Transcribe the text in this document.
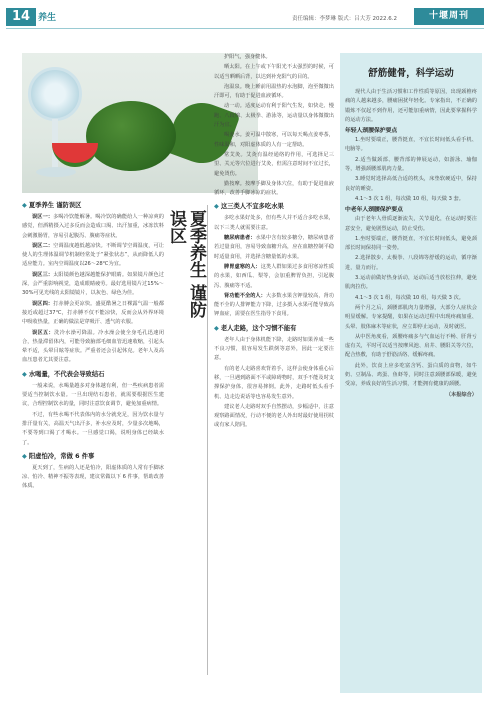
14 养生	责任编辑：李梦琳 版式：吕大芳 2022.6.2	十堰周刊
夏季养生 谨防误区
◆ 夏季养生 谨防误区

误区一：多喝冷饮能解暑。喝冷饮的确能给人一种凉爽的感觉，但酒精摄入过多反而会造成口渴、出汗加重，冰冻饮料会刺激肠胃，容易引起腹泻、腹痛等症状。

误区二：空调温度越低越凉快。不断调节空调温度，可让使人的生理体温调节机制经常处于“紧张状态”，从而降低人的适应能力。室内空调温度以26～28℃为宜。

误区三：太阳镜颜色越深越能保护眼睛。如果镜片颜色过深，会严重影响视觉，造成眼睛疲劳。最好选用镜片过15%～30%可见光线的太阳镜镜片，以灰色、绿色为佳。

误区四：打赤膊会更凉快。盛夏酷暑之日裸露气温一般都接近或超过37℃，打赤膊不仅不能凉快，反而会从外界环境中吸收热量，正确的做法是穿吸汗、透气的衣服。

误区五：洗冷水澡可降温。冷水澡会使全身毛孔迅速闭合，热量滞留体内，可能导致脑部毛细血管迅速收缩，引起头晕不适，头晕目眩等症状。严重者还会引起休克。老年人及高血压患者尤其要注意。

◆ 水喝量，不代表会导致结石

一般来说，水喝量越多对身体越有利，但一些疾病患者需要适当控制饮水量。一旦出现结石患者，就需要根据医生建议，合理控制饮水的量，同时注意饮食调节，避免加重病情。

不过，有些水喝不代表体内的水分就充足，因为饮水量与排汗量有关，高温天气出汗多，补水应及时，少量多次地喝，不要等到口渴了才喝水。一旦感觉口渴，说明身体已经缺水了。

◆ 阳虚怕冷，常做 6 件事

夏天到了，生病的人还是怕冷，阳虚体质的人常有手脚冰凉、怕冷、精神不振等表现，建议常做以下 6 件事，帮助改善体质。

护阳气，强身健体。

晒太阳。在上午或下午阳光不太强烈的时候，可以适当晒晒后背，以达到补充阳气的目的。

泡温泉。晚上睡前用温热的水泡脚，泡至微微出汗即可，有助于促进血液循环。

动一动。适度运动有利于阳气生发，如快走、慢跑、八段锦、太极拳、游泳等，运动量以身体微微出汗为宜。

喝姜水。姜可温中散寒，可以每天喝点姜枣茶，性味温和，对阳虚体质的人有一定帮助。

常艾灸。艾灸有温经通络的作用，可选择足三里、关元等穴位进行艾灸，但需注意时间不宜过长，避免烫伤。

勤按摩。按摩手脚及身体穴位，有助于促进血液循环，改善手脚冰凉的症状。

◆ 这三类人不宜多吃水果

多吃水果好处多，但有些人并不适合多吃水果，以下三类人就需要注意。

糖尿病患者：水果中含有较多糖分，糖尿病患者若过量食用，容易导致血糖升高，应在血糖控制平稳时适量食用，并选择含糖量低的水果。

脾胃虚寒的人：这类人群如果过多食用寒凉性质的水果，如西瓜、梨等，会加重脾胃负担，引起腹泻、腹痛等不适。

肾功能不全的人：大多数水果含钾量较高，肾功能不全的人排钾能力下降，过多摄入水果可能导致高钾血症，需要在医生指导下食用。

◆ 老人走路，这个习惯不能有

老年人由于身体机能下降，走路时如果养成一些不良习惯，很容易发生跌倒等意外，因此一定要注意。

有的老人走路喜欢背着手，这样会使身体重心后移，一旦遇到路面不平或障碍物时，双手不能及时支撑保护身体，很容易摔倒。此外，走路时低头看手机、边走边说话等也容易发生意外。

建议老人走路时双手自然摆动，步幅适中，注意观察路面情况，行动不便的老人外出时最好使用拐杖或有家人陪同。

舒筋健骨，科学运动

现代人由于生活习惯和工作性质等原因，出现颈椎疼痛的人越来越多，腰痛困扰年轻化。专家指出，不正确的锻炼不仅起不到作用，还可能加重病情，因此要掌握科学的运动方法。

年轻人颈腰保护要点

1.坐时要端正，腰背挺直，不宜长时间低头看手机、电脑等。

2.适当做颈部、腰背部的伸展运动，如游泳、瑜伽等，增强颈腰部肌肉力量。

3.睡觉时选择高低合适的枕头，床垫软硬适中，保持良好的睡姿。

4.1～3 次 1 组，每次做 10 组，每天做 3 套。

中老年人颈腰保护要点

由于老年人骨质逐渐流失，关节退化，在运动时要注意安全，避免剧烈运动，防止受伤。

1.坐时要端正，腰背挺直，不宜长时间低头，避免颈部长时间保持同一姿势。

2.选择散步、太极拳、八段锦等舒缓的运动，循序渐进，量力而行。

3.运动前做好热身活动，运动后适当放松拉伸，避免肌肉拉伤。

4.1～3 次 1 组，每次做 10 组，每天做 3 次。

两个月之后，颈腰部肌肉力量增强，大部分人症状会明显缓解。专家提醒，如果在运动过程中出现疼痛加重、头晕、肢体麻木等症状，应立即停止运动，及时就医。

从中医角度看，颈腰疼痛多与气血运行不畅、肝肾亏虚有关，平时可以适当按摩风池、肩井、腰阳关等穴位，配合热敷，有助于舒筋活络、缓解疼痛。

此外，饮食上应多吃富含钙、蛋白质的食物，如牛奶、豆制品、鸡蛋、鱼虾等，同时注意颈腰部保暖，避免受凉，养成良好的生活习惯，才能拥有健康的颈腰。

（本报综合）
